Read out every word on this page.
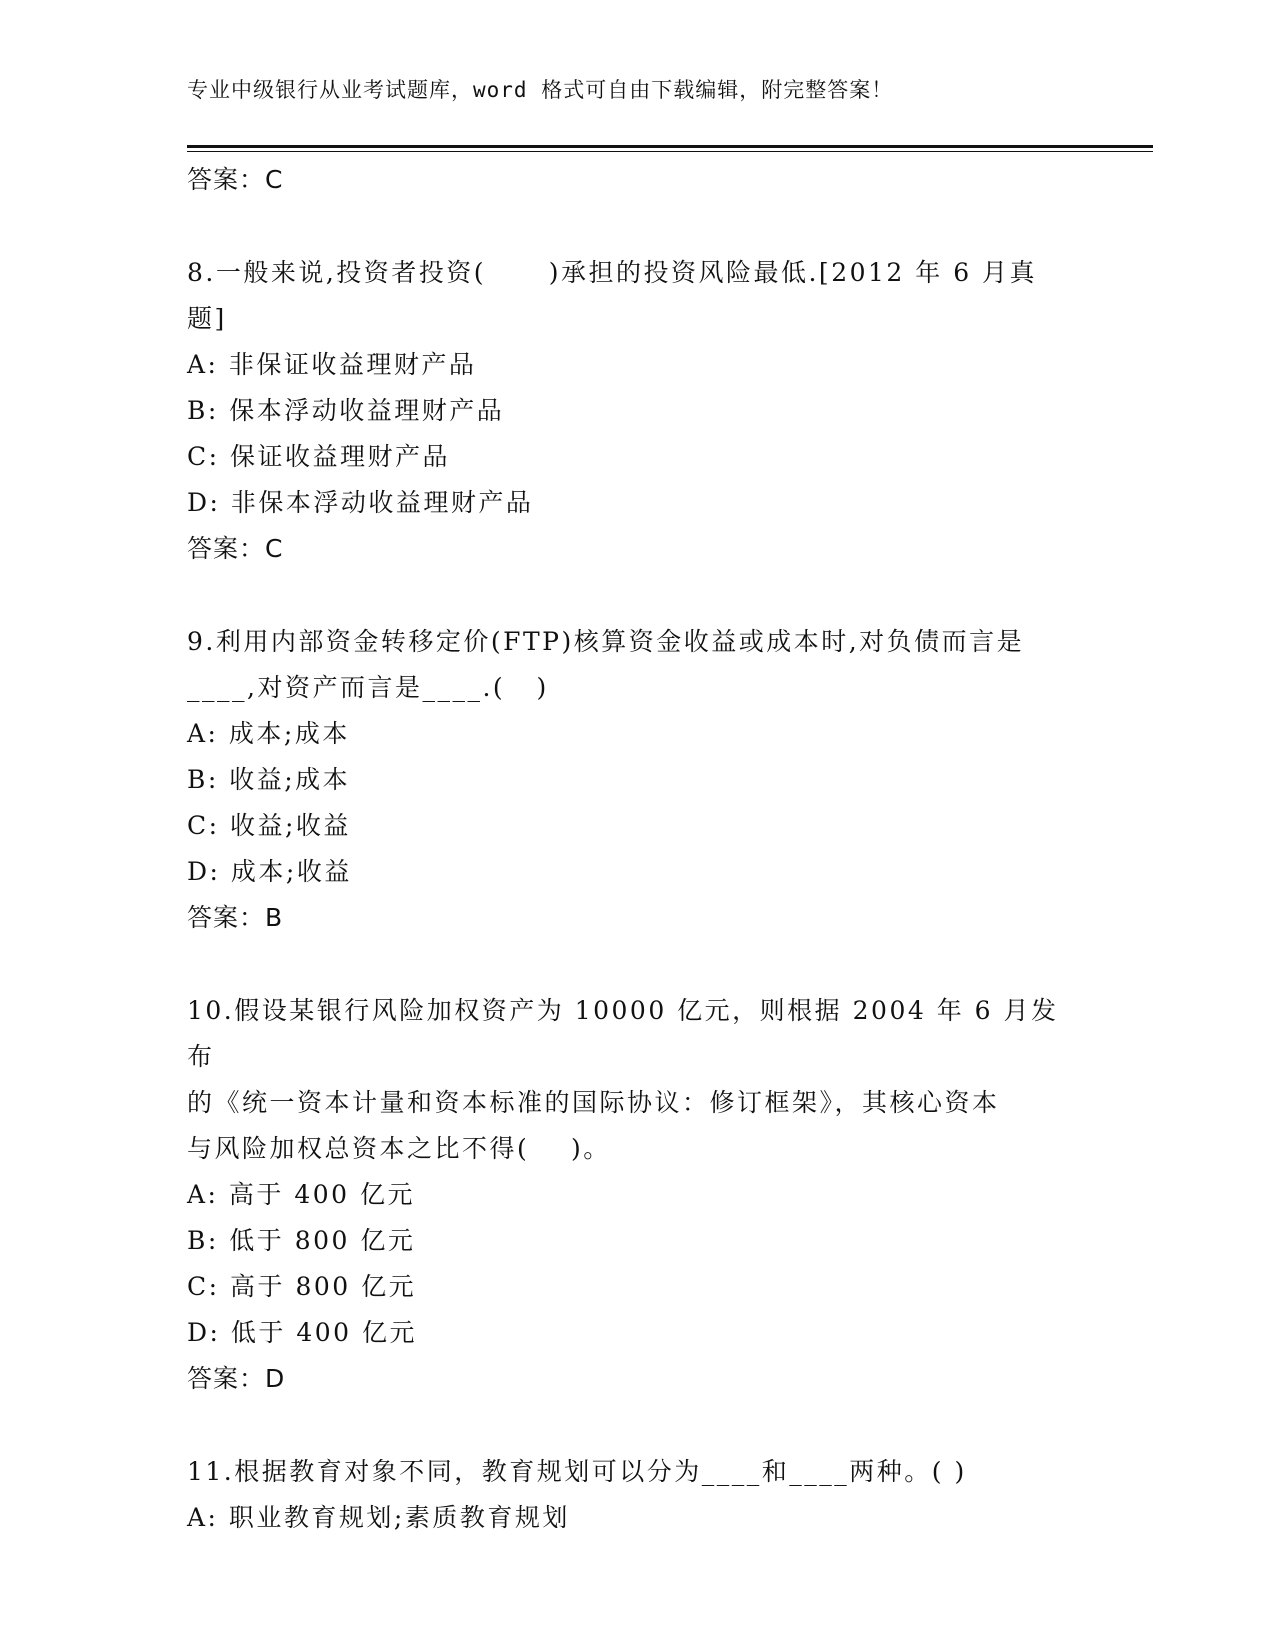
专业中级银行从业考试题库，word 格式可自由下载编辑，附完整答案！
答案：C
8.一般来说,投资者投资(      )承担的投资风险最低.[2012 年 6 月真
题]
A: 非保证收益理财产品
B: 保本浮动收益理财产品
C: 保证收益理财产品
D: 非保本浮动收益理财产品
答案：C
9.利用内部资金转移定价(FTP)核算资金收益或成本时,对负债而言是
____,对资产而言是____.(   )
A: 成本;成本
B: 收益;成本
C: 收益;收益
D: 成本;收益
答案：B
10.假设某银行风险加权资产为 10000 亿元，则根据 2004 年 6 月发布
的《统一资本计量和资本标准的国际协议：修订框架》，其核心资本
与风险加权总资本之比不得(    )。
A: 高于 400 亿元
B: 低于 800 亿元
C: 高于 800 亿元
D: 低于 400 亿元
答案：D
11.根据教育对象不同，教育规划可以分为____和____两种。( )
A: 职业教育规划;素质教育规划
